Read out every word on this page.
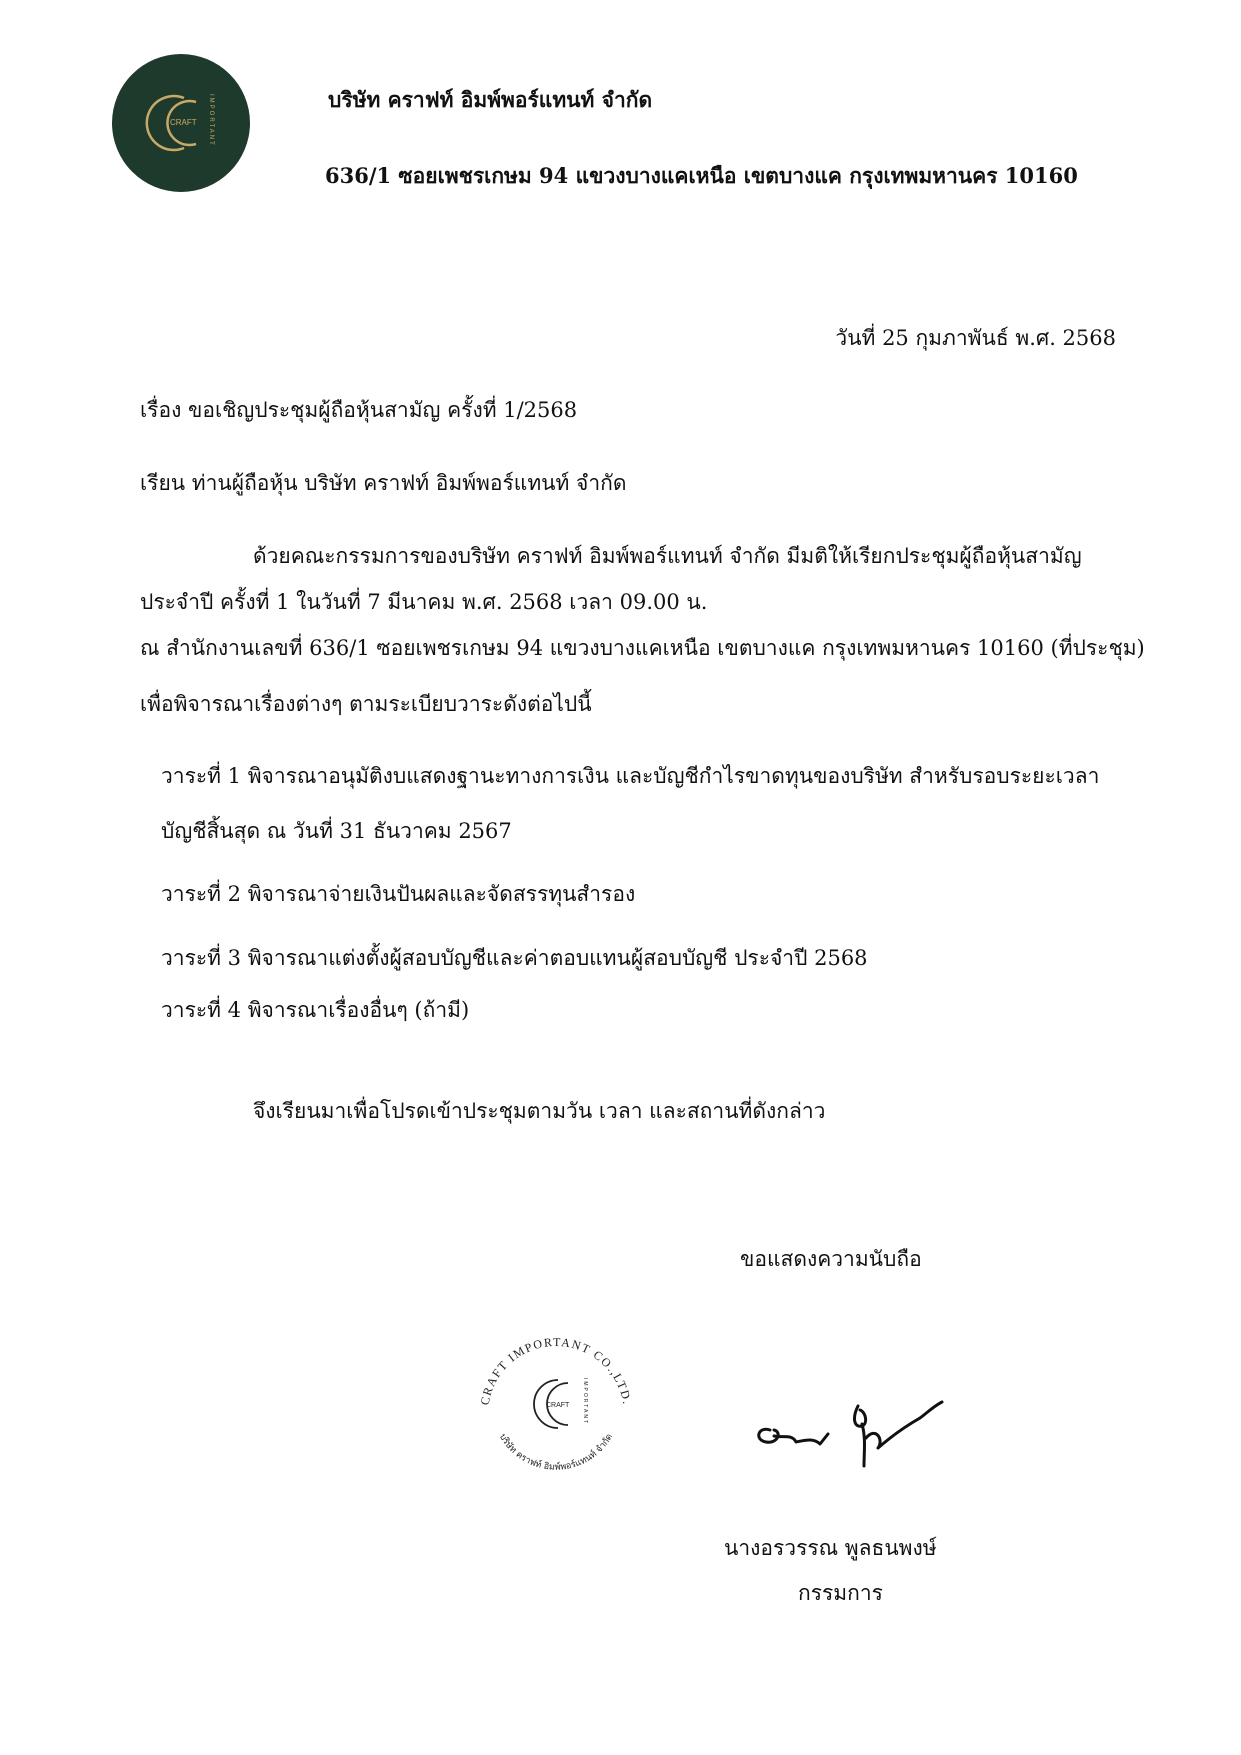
CRAFT IMPORTANT	บริษัท คราฟท์ อิมพ์พอร์แทนท์ จำกัด
636/1 ซอยเพชรเกษม 94 แขวงบางแคเหนือ เขตบางแค กรุงเทพมหานคร 10160
วันที่ 25 กุมภาพันธ์ พ.ศ. 2568
เรื่อง ขอเชิญประชุมผู้ถือหุ้นสามัญ ครั้งที่ 1/2568
เรียน ท่านผู้ถือหุ้น บริษัท คราฟท์ อิมพ์พอร์แทนท์ จำกัด
ด้วยคณะกรรมการของบริษัท คราฟท์ อิมพ์พอร์แทนท์ จำกัด มีมติให้เรียกประชุมผู้ถือหุ้นสามัญ
ประจำปี ครั้งที่ 1 ในวันที่ 7 มีนาคม พ.ศ. 2568 เวลา 09.00 น.
ณ สำนักงานเลขที่ 636/1 ซอยเพชรเกษม 94 แขวงบางแคเหนือ เขตบางแค กรุงเทพมหานคร 10160 (ที่ประชุม)
เพื่อพิจารณาเรื่องต่างๆ ตามระเบียบวาระดังต่อไปนี้
วาระที่ 1 พิจารณาอนุมัติงบแสดงฐานะทางการเงิน และบัญชีกำไรขาดทุนของบริษัท สำหรับรอบระยะเวลา
บัญชีสิ้นสุด ณ วันที่ 31 ธันวาคม 2567
วาระที่ 2 พิจารณาจ่ายเงินปันผลและจัดสรรทุนสำรอง
วาระที่ 3 พิจารณาแต่งตั้งผู้สอบบัญชีและค่าตอบแทนผู้สอบบัญชี ประจำปี 2568
วาระที่ 4 พิจารณาเรื่องอื่นๆ (ถ้ามี)
จึงเรียนมาเพื่อโปรดเข้าประชุมตามวัน เวลา และสถานที่ดังกล่าว
ขอแสดงความนับถือ
CRAFT IMPORTANT CO.,LTD.
บริษัท คราฟท์ อิมพ์พอร์แทนท์ จำกัด
CRAFT	IMPORTANT
นางอรวรรณ พูลธนพงษ์
กรรมการ
